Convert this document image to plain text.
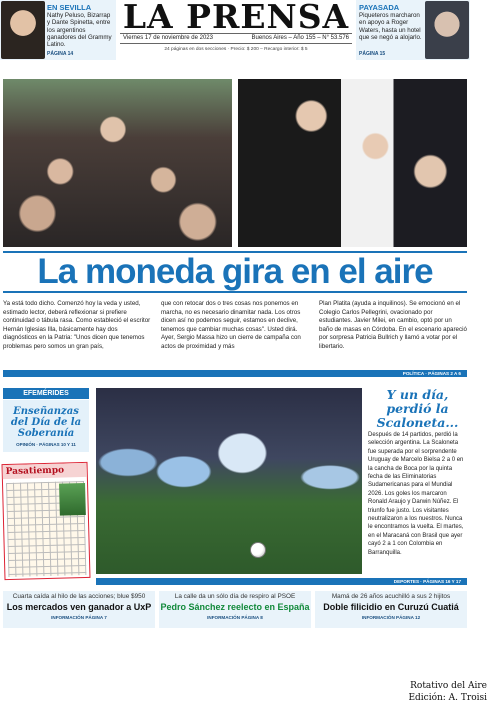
EN SEVILLA
Nathy Peluso, Bizarrap y Dante Spinetta, entre los argentinos ganadores del Grammy Latino.
PÁGINA 14
LA PRENSA
Viernes 17 de noviembre de 2023	Buenos Aires – Año 155 – N° 53.576
24 páginas en dos secciones · Precio: $ 200 – Recargo interior: $ 5
PAYASADA
Piqueteros marcharon en apoyo a Roger Waters, hasta un hotel que se negó a alojarlo.
PÁGINA 15
La moneda gira en el aire

Ya está todo dicho. Comenzó hoy la veda y usted, estimado lector, deberá reflexionar si prefiere continuidad o tábula rasa. Como estableció el escritor Hernán Iglesias Illa, básicamente hay dos diagnósticos en la Patria: "Unos dicen que tenemos problemas pero somos un gran país,

que con retocar dos o tres cosas nos ponemos en marcha, no es necesario dinamitar nada. Los otros dicen así no podemos seguir, estamos en declive, tenemos que cambiar muchas cosas". Usted dirá. Ayer, Sergio Massa hizo un cierre de campaña con actos de proximidad y más

Plan Platita (ayuda a inquilinos). Se emocionó en el Colegio Carlos Pellegrini, ovacionado por estudiantes. Javier Milei, en cambio, optó por un baño de masas en Córdoba. En el escenario apareció por sorpresa Patricia Bullrich y llamó a votar por el libertario.

POLÍTICA · PÁGINAS 2 A 6
EFEMÉRIDES
Enseñanzas del Día de la Soberanía
OPINIÓN · PÁGINAS 10 Y 11
Pasatiempo
Y un día, perdió la Scaloneta...
Después de 14 partidos, perdió la selección argentina. La Scaloneta fue superada por el sorprendente Uruguay de Marcelo Bielsa 2 a 0 en la cancha de Boca por la quinta fecha de las Eliminatorias Sudamericanas para el Mundial 2026. Los goles los marcaron Ronald Araujo y Darwin Núñez. El triunfo fue justo. Los visitantes neutralizaron a los nuestros. Nunca le encontramos la vuelta. El martes, en el Maracaná con Brasil que ayer cayó 2 a 1 con Colombia en Barranquilla.
DEPORTES · PÁGINAS 16 Y 17
Cuarta caída al hilo de las acciones; blue $950
Los mercados ven ganador a UxP
INFORMACIÓN PÁGINA 7
La calle da un sólo día de respiro al PSOE
Pedro Sánchez reelecto en España
INFORMACIÓN PÁGINA 8
Mamá de 26 años acuchilló a sus 2 hijitos
Doble filicidio en Curuzú Cuatiá
INFORMACIÓN PÁGINA 12
Rotativo del Aire
Edición: A. Troisi
